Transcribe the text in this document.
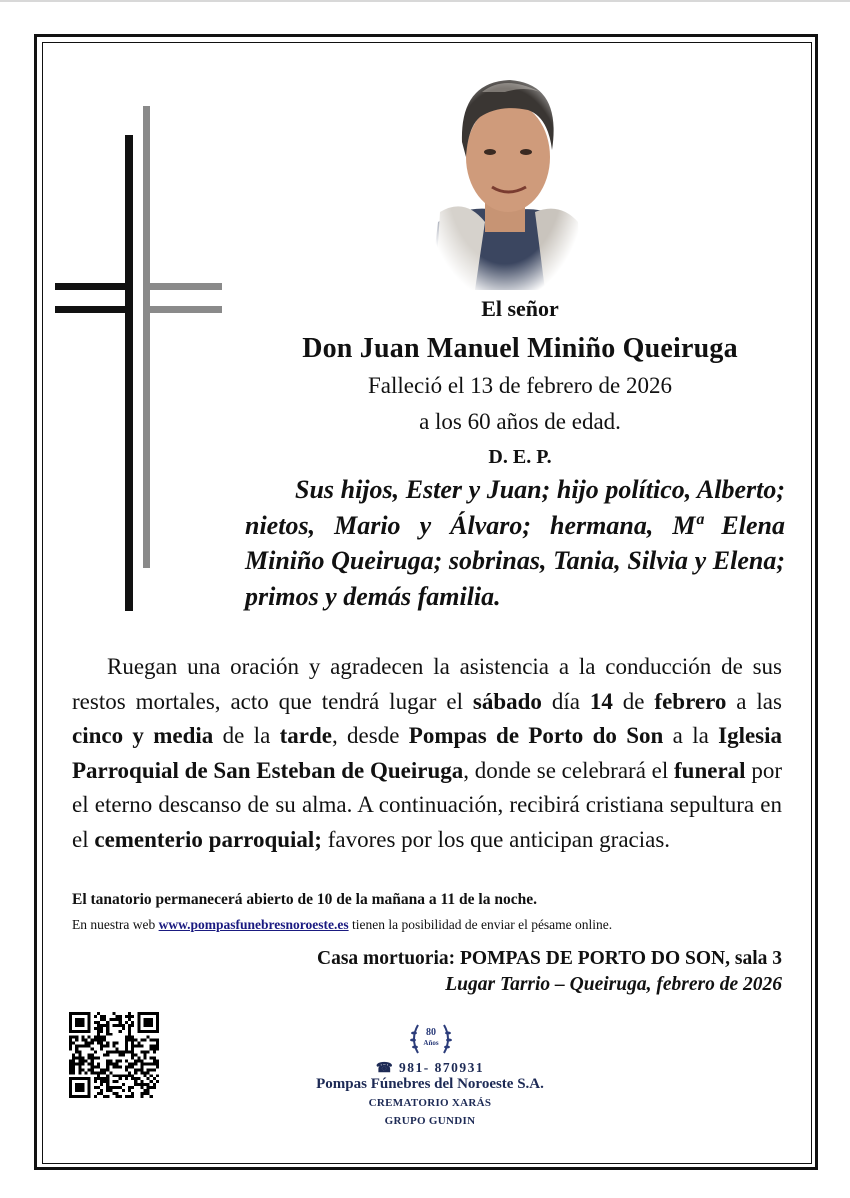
El señor
Don Juan Manuel Miniño Queiruga
Falleció el 13 de febrero de 2026
a los 60 años de edad.
D. E. P.
Sus hijos, Ester y Juan; hijo político, Alberto; nietos, Mario y Álvaro; hermana, Mª Elena Miniño Queiruga; sobrinas, Tania, Silvia y Elena; primos y demás familia.
Ruegan una oración y agradecen la asistencia a la conducción de sus restos mortales, acto que tendrá lugar el sábado día 14 de febrero a las cinco y media de la tarde, desde Pompas de Porto do Son a la Iglesia Parroquial de San Esteban de Queiruga, donde se celebrará el funeral por el eterno descanso de su alma. A continuación, recibirá cristiana sepultura en el cementerio parroquial; favores por los que anticipan gracias.
El tanatorio permanecerá abierto de 10 de la mañana a 11 de la noche.
En nuestra web www.pompasfunebresnoroeste.es tienen la posibilidad de enviar el pésame online.
Casa mortuoria: POMPAS DE PORTO DO SON, sala 3
Lugar Tarrio – Queiruga, febrero de 2026
80
Años
☎ 981- 870931
Pompas Fúnebres del Noroeste S.A.
CREMATORIO XARÁS
GRUPO GUNDIN
